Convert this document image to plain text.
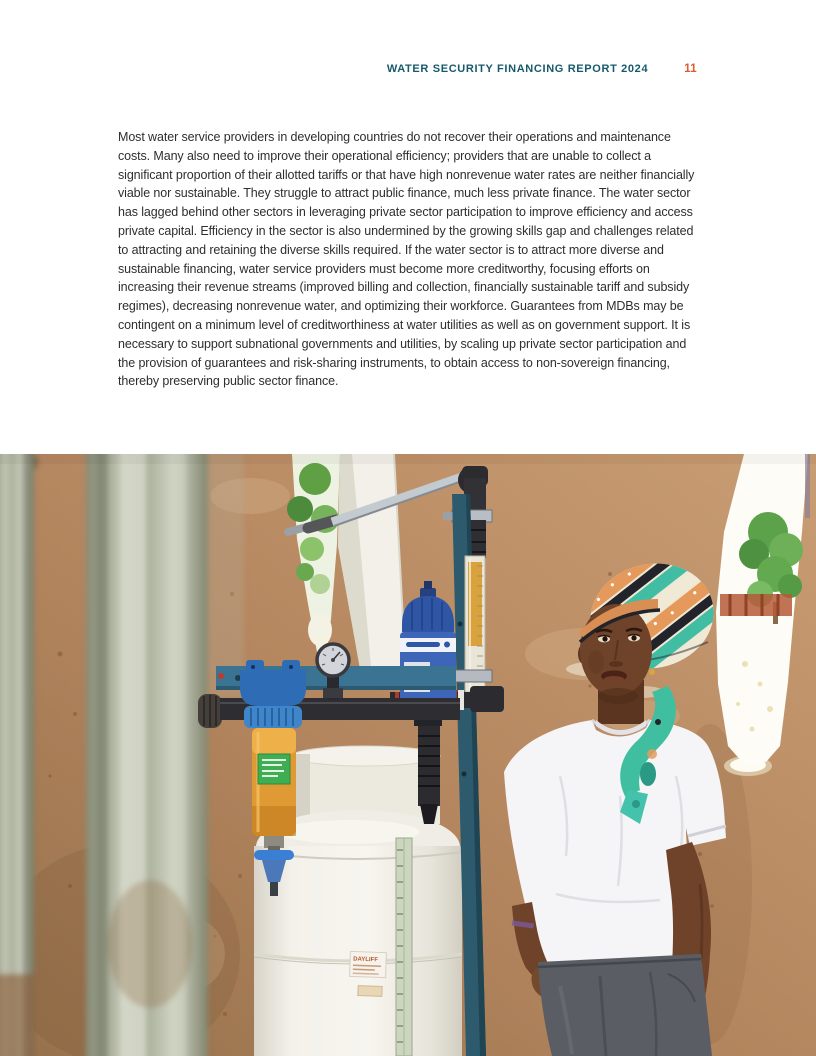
WATER SECURITY FINANCING REPORT 2024	11

Most water service providers in developing countries do not recover their operations and maintenance costs. Many also need to improve their operational efficiency; providers that are unable to collect a significant proportion of their allotted tariffs or that have high nonrevenue water rates are neither financially viable nor sustainable. They struggle to attract public finance, much less private finance. The water sector has lagged behind other sectors in leveraging private sector participation to improve efficiency and access private capital. Efficiency in the sector is also undermined by the growing skills gap and challenges related to attracting and retaining the diverse skills required. If the water sector is to attract more diverse and sustainable financing, water service providers must become more creditworthy, focusing efforts on increasing their revenue streams (improved billing and collection, financially sustainable tariff and subsidy regimes), decreasing nonrevenue water, and optimizing their workforce. Guarantees from MDBs may be contingent on a minimum level of creditworthiness at water utilities as well as on government support. It is necessary to support subnational governments and utilities, by scaling up private sector participation and the provision of guarantees and risk-sharing instruments, to obtain access to non-sovereign financing, thereby preserving public sector finance.

DAYLIFF
